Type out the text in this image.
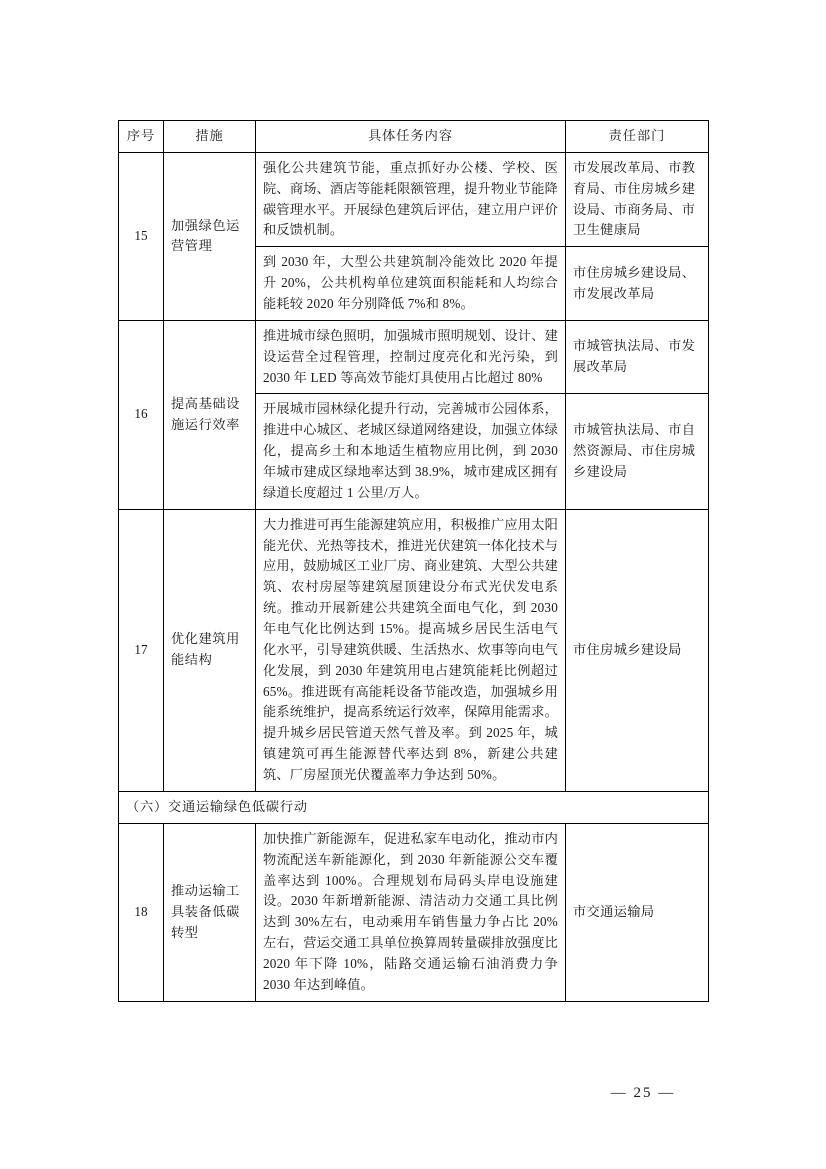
序号	措施	具体任务内容	责任部门
15	加强绿色运营管理	强化公共建筑节能，重点抓好办公楼、学校、医院、商场、酒店等能耗限额管理，提升物业节能降碳管理水平。开展绿色建筑后评估，建立用户评价和反馈机制。	市发展改革局、市教育局、市住房城乡建设局、市商务局、市卫生健康局
		到 2030 年，大型公共建筑制冷能效比 2020 年提升 20%，公共机构单位建筑面积能耗和人均综合能耗较 2020 年分别降低 7%和 8%。	市住房城乡建设局、市发展改革局
16	提高基础设施运行效率	推进城市绿色照明，加强城市照明规划、设计、建设运营全过程管理，控制过度亮化和光污染，到 2030 年 LED 等高效节能灯具使用占比超过 80%	市城管执法局、市发展改革局
		开展城市园林绿化提升行动，完善城市公园体系，推进中心城区、老城区绿道网络建设，加强立体绿化，提高乡土和本地适生植物应用比例，到 2030 年城市建成区绿地率达到 38.9%，城市建成区拥有绿道长度超过 1 公里/万人。	市城管执法局、市自然资源局、市住房城乡建设局
17	优化建筑用能结构	大力推进可再生能源建筑应用，积极推广应用太阳能光伏、光热等技术，推进光伏建筑一体化技术与应用，鼓励城区工业厂房、商业建筑、大型公共建筑、农村房屋等建筑屋顶建设分布式光伏发电系统。推动开展新建公共建筑全面电气化，到 2030 年电气化比例达到 15%。提高城乡居民生活电气化水平，引导建筑供暖、生活热水、炊事等向电气化发展，到 2030 年建筑用电占建筑能耗比例超过 65%。推进既有高能耗设备节能改造，加强城乡用能系统维护，提高系统运行效率，保障用能需求。提升城乡居民管道天然气普及率。到 2025 年，城镇建筑可再生能源替代率达到 8%，新建公共建筑、厂房屋顶光伏覆盖率力争达到 50%。	市住房城乡建设局
（六）交通运输绿色低碳行动			
18	推动运输工具装备低碳转型	加快推广新能源车，促进私家车电动化，推动市内物流配送车新能源化，到 2030 年新能源公交车覆盖率达到 100%。合理规划布局码头岸电设施建设。2030 年新增新能源、清洁动力交通工具比例达到 30%左右，电动乘用车销售量力争占比 20%左右，营运交通工具单位换算周转量碳排放强度比 2020 年下降 10%，陆路交通运输石油消费力争 2030 年达到峰值。	市交通运输局
— 25 —
